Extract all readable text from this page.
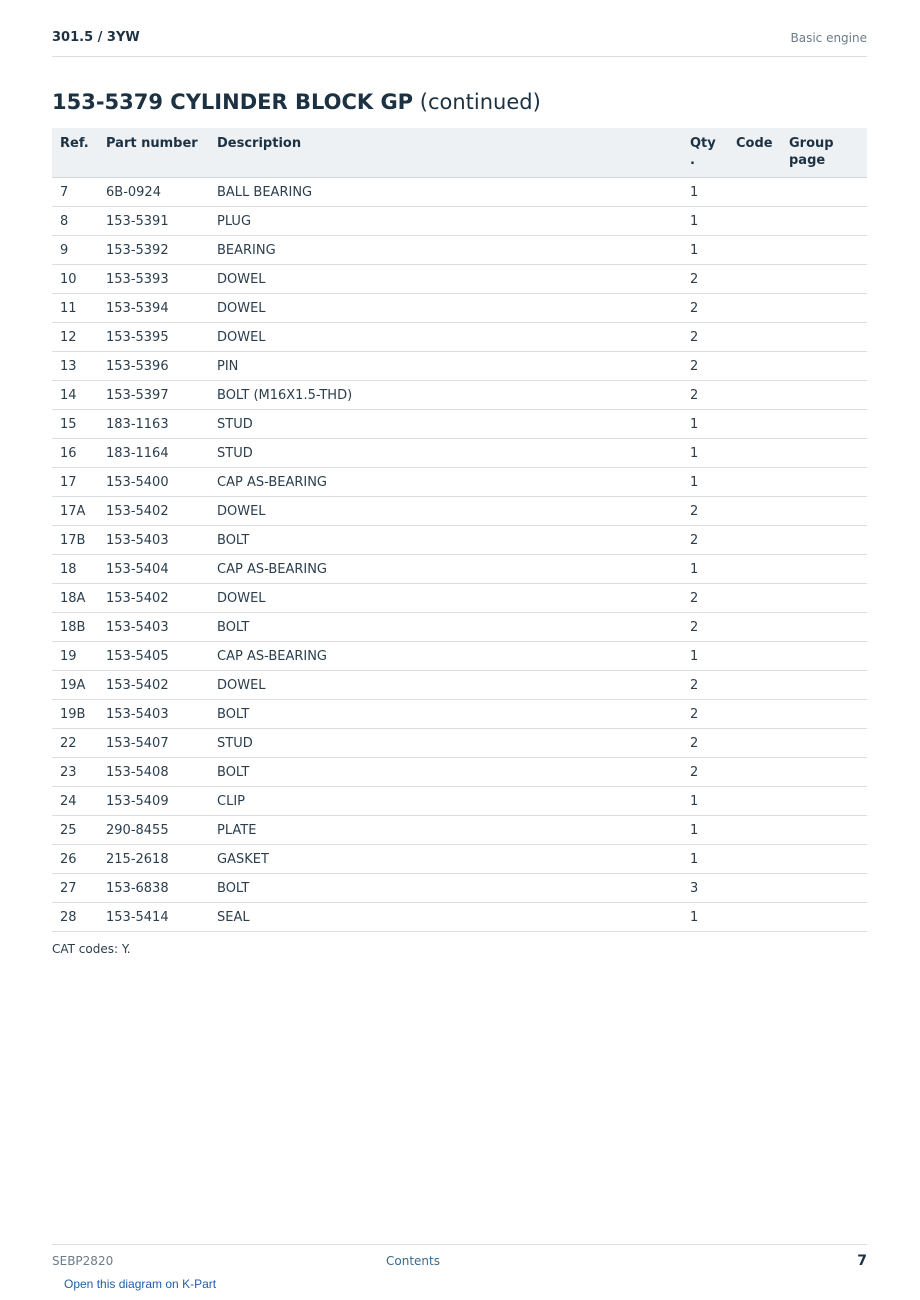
301.5 / 3YW	Basic engine
153-5379 CYLINDER BLOCK GP (continued)
Ref.	Part number	Description	Qty .	Code	Group page
7	6B-0924	BALL BEARING	1		
8	153-5391	PLUG	1		
9	153-5392	BEARING	1		
10	153-5393	DOWEL	2		
11	153-5394	DOWEL	2		
12	153-5395	DOWEL	2		
13	153-5396	PIN	2		
14	153-5397	BOLT (M16X1.5-THD)	2		
15	183-1163	STUD	1		
16	183-1164	STUD	1		
17	153-5400	CAP AS-BEARING	1		
17A	153-5402	DOWEL	2		
17B	153-5403	BOLT	2		
18	153-5404	CAP AS-BEARING	1		
18A	153-5402	DOWEL	2		
18B	153-5403	BOLT	2		
19	153-5405	CAP AS-BEARING	1		
19A	153-5402	DOWEL	2		
19B	153-5403	BOLT	2		
22	153-5407	STUD	2		
23	153-5408	BOLT	2		
24	153-5409	CLIP	1		
25	290-8455	PLATE	1		
26	215-2618	GASKET	1		
27	153-6838	BOLT	3		
28	153-5414	SEAL	1		
CAT codes: Y.
SEBP2820	Contents	7
Open this diagram on K-Part
